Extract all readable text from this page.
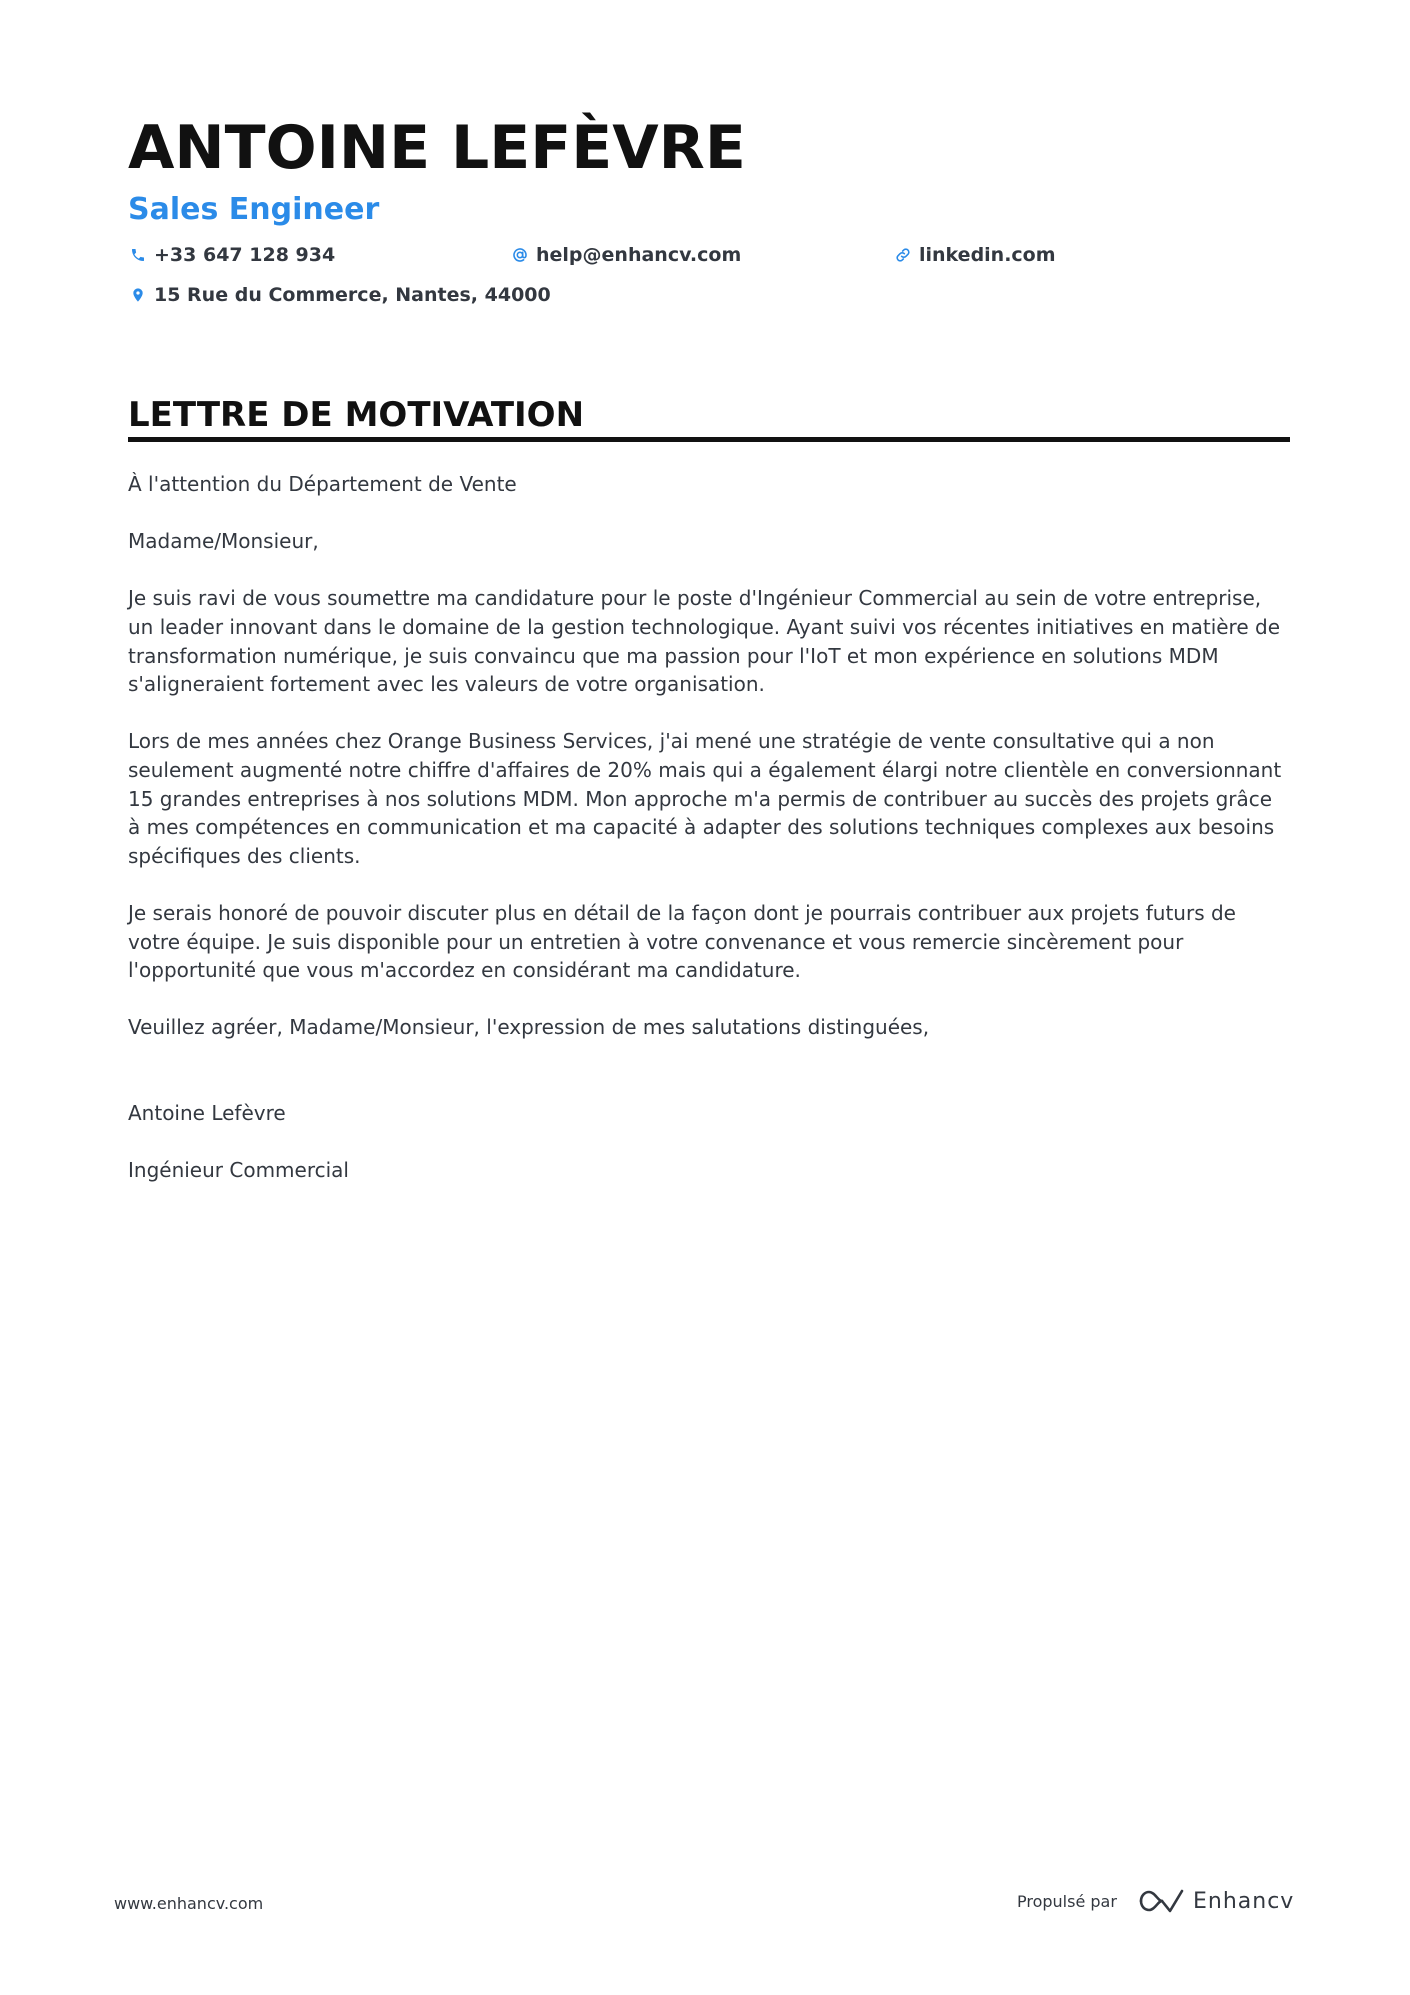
ANTOINE LEFÈVRE
Sales Engineer
+33 647 128 934	help@enhancv.com	linkedin.com
15 Rue du Commerce, Nantes, 44000
LETTRE DE MOTIVATION

À l'attention du Département de Vente

Madame/Monsieur,

Je suis ravi de vous soumettre ma candidature pour le poste d'Ingénieur Commercial au sein de votre entreprise, un leader innovant dans le domaine de la gestion technologique. Ayant suivi vos récentes initiatives en matière de transformation numérique, je suis convaincu que ma passion pour l'IoT et mon expérience en solutions MDM s'aligneraient fortement avec les valeurs de votre organisation.

Lors de mes années chez Orange Business Services, j'ai mené une stratégie de vente consultative qui a non seulement augmenté notre chiffre d'affaires de 20% mais qui a également élargi notre clientèle en conversionnant 15 grandes entreprises à nos solutions MDM. Mon approche m'a permis de contribuer au succès des projets grâce à mes compétences en communication et ma capacité à adapter des solutions techniques complexes aux besoins spécifiques des clients.

Je serais honoré de pouvoir discuter plus en détail de la façon dont je pourrais contribuer aux projets futurs de votre équipe. Je suis disponible pour un entretien à votre convenance et vous remercie sincèrement pour l'opportunité que vous m'accordez en considérant ma candidature.

Veuillez agréer, Madame/Monsieur, l'expression de mes salutations distinguées,

Antoine Lefèvre

Ingénieur Commercial

www.enhancv.com	Propulsé par	Enhancv
